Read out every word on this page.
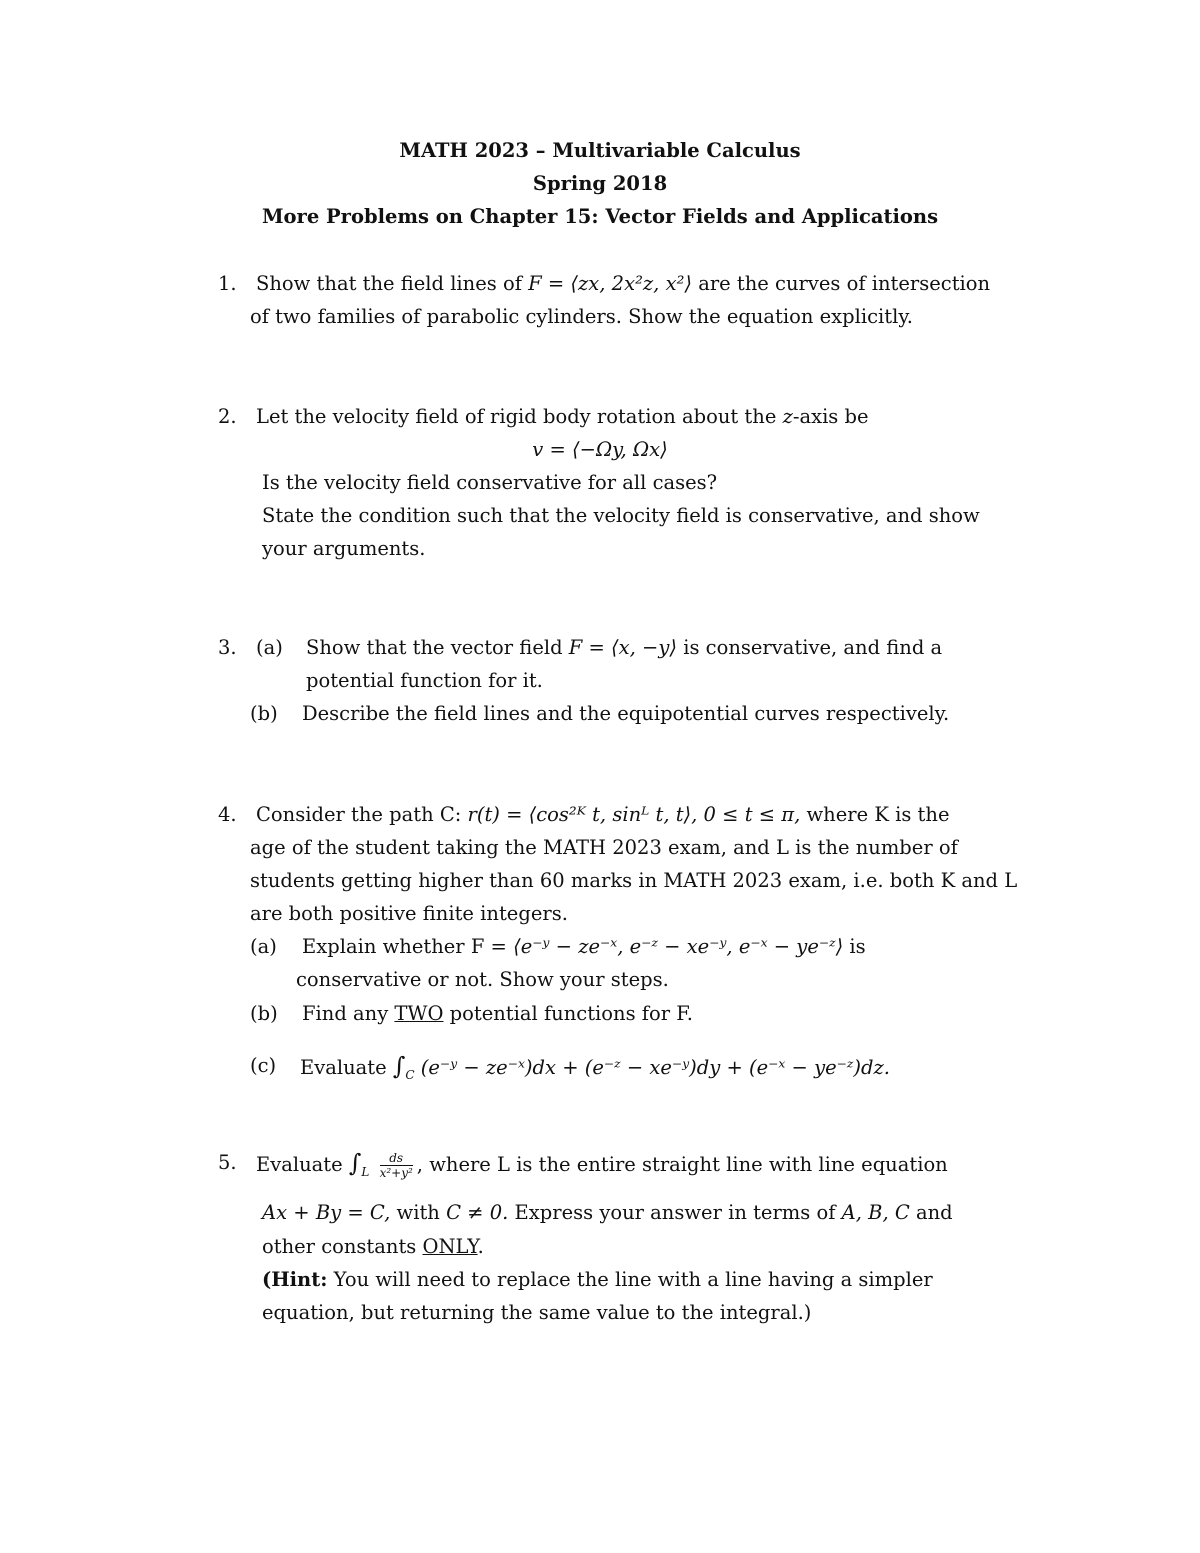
MATH 2023 – Multivariable Calculus
Spring 2018
More Problems on Chapter 15: Vector Fields and Applications
1. Show that the field lines of F = ⟨zx, 2x²z, x²⟩ are the curves of intersection
of two families of parabolic cylinders. Show the equation explicitly.
2. Let the velocity field of rigid body rotation about the z-axis be
v = ⟨−Ωy, Ωx⟩
Is the velocity field conservative for all cases?
State the condition such that the velocity field is conservative, and show
your arguments.
3. (a) Show that the vector field F = ⟨x, −y⟩ is conservative, and find a
potential function for it.
(b) Describe the field lines and the equipotential curves respectively.
4. Consider the path C: r(t) = ⟨cos²ᴷ t, sinᴸ t, t⟩, 0 ≤ t ≤ π, where K is the
age of the student taking the MATH 2023 exam, and L is the number of
students getting higher than 60 marks in MATH 2023 exam, i.e. both K and L
are both positive finite integers.
(a) Explain whether F = ⟨e⁻ʸ − ze⁻ˣ, e⁻ᶻ − xe⁻ʸ, e⁻ˣ − ye⁻ᶻ⟩ is
conservative or not. Show your steps.
(b) Find any TWO potential functions for F.
(c) Evaluate $\int_C$ (e⁻ʸ − ze⁻ˣ)dx + (e⁻ᶻ − xe⁻ʸ)dy + (e⁻ˣ − ye⁻ᶻ)dz.
5. Evaluate $\int_L \frac{ds}{\text{x²+y²}}$ , where L is the entire straight line with line equation
Ax + By = C, with C ≠ 0. Express your answer in terms of A, B, C and
other constants ONLY.
(Hint: You will need to replace the line with a line having a simpler
equation, but returning the same value to the integral.)
